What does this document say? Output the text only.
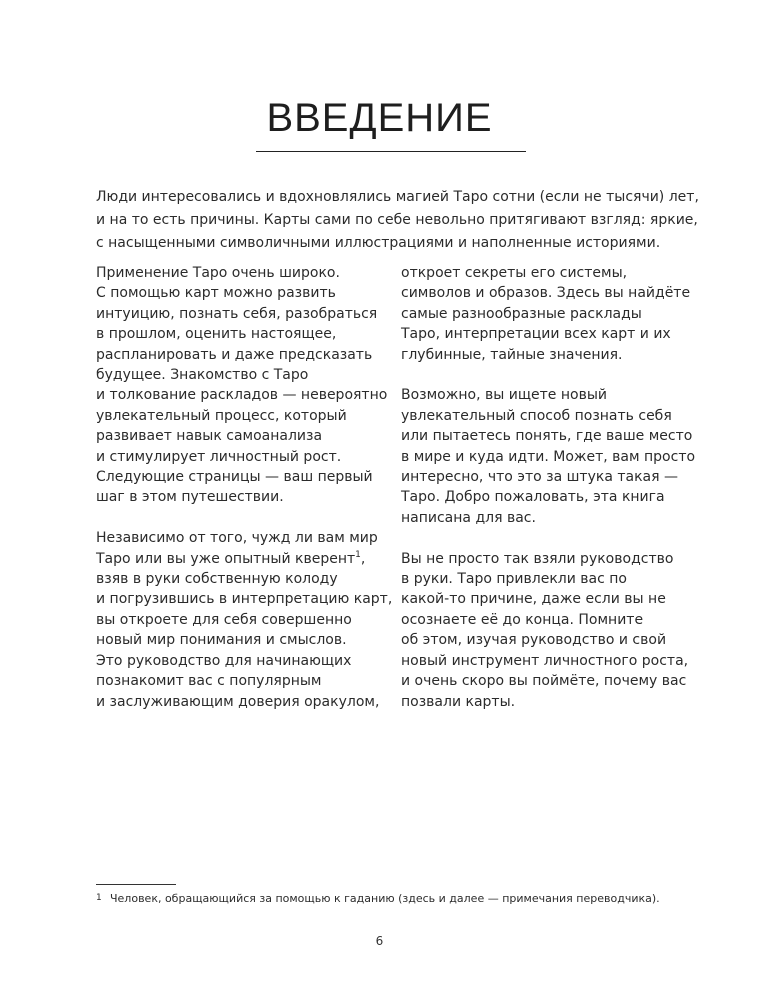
ВВЕДЕНИЕ
Люди интересовались и вдохновлялись магией Таро сотни (если не тысячи) лет,
и на то есть причины. Карты сами по себе невольно притягивают взгляд: яркие,
с насыщенными символичными иллюстрациями и наполненные историями.

Применение Таро очень широко.
С помощью карт можно развить
интуицию, познать себя, разобраться
в прошлом, оценить настоящее,
распланировать и даже предсказать
будущее. Знакомство с Таро
и толкование раскладов — невероятно
увлекательный процесс, который
развивает навык самоанализа
и стимулирует личностный рост.
Следующие страницы — ваш первый
шаг в этом путешествии.

Независимо от того, чужд ли вам мир
Таро или вы уже опытный кверент$^1$,
взяв в руки собственную колоду
и погрузившись в интерпретацию карт,
вы откроете для себя совершенно
новый мир понимания и смыслов.
Это руководство для начинающих
познакомит вас с популярным
и заслуживающим доверия оракулом,

откроет секреты его системы,
символов и образов. Здесь вы найдёте
самые разнообразные расклады
Таро, интерпретации всех карт и их
глубинные, тайные значения.

Возможно, вы ищете новый
увлекательный способ познать себя
или пытаетесь понять, где ваше место
в мире и куда идти. Может, вам просто
интересно, что это за штука такая —
Таро. Добро пожаловать, эта книга
написана для вас.

Вы не просто так взяли руководство
в руки. Таро привлекли вас по
какой-то причине, даже если вы не
осознаете её до конца. Помните
об этом, изучая руководство и свой
новый инструмент личностного роста,
и очень скоро вы поймёте, почему вас
позвали карты.

1 Человек, обращающийся за помощью к гаданию (здесь и далее — примечания переводчика).
6
